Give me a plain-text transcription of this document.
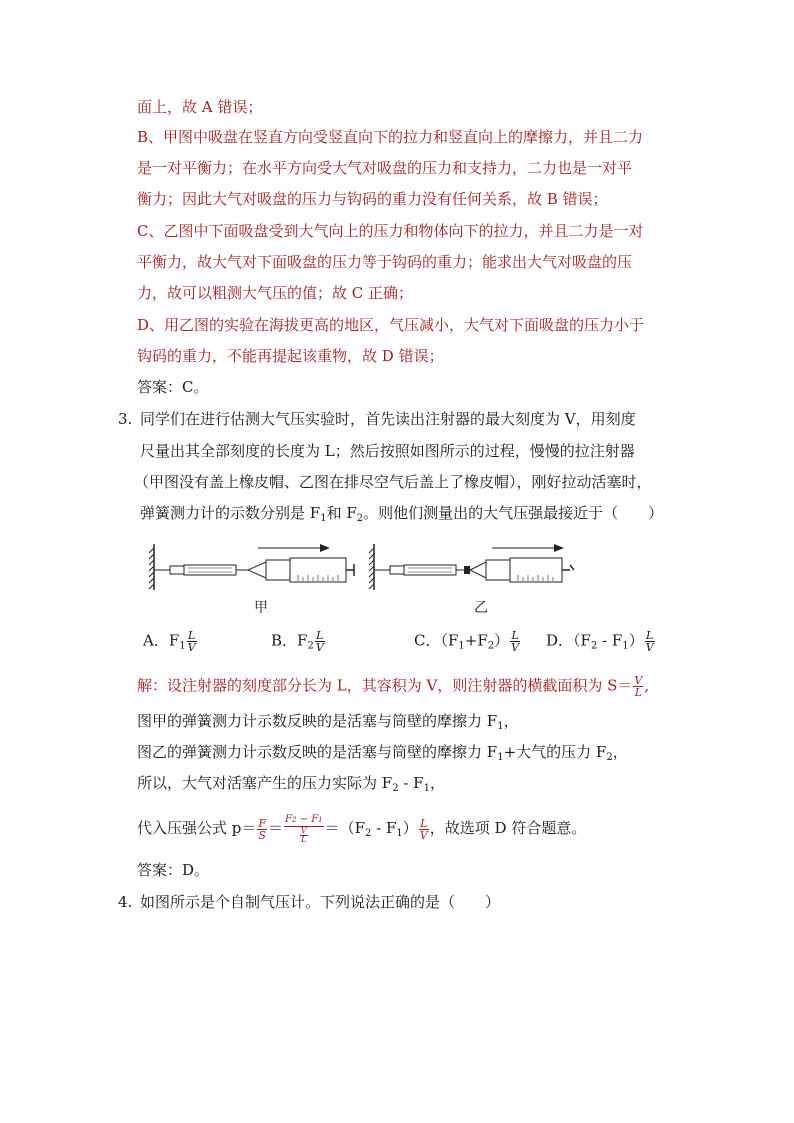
面上，故 A 错误；
B、甲图中吸盘在竖直方向受竖直向下的拉力和竖直向上的摩擦力，并且二力
是一对平衡力；在水平方向受大气对吸盘的压力和支持力，二力也是一对平
衡力；因此大气对吸盘的压力与钩码的重力没有任何关系，故 B 错误；
C、乙图中下面吸盘受到大气向上的压力和物体向下的拉力，并且二力是一对
平衡力，故大气对下面吸盘的压力等于钩码的重力；能求出大气对吸盘的压
力，故可以粗测大气压的值；故 C 正确；
D、用乙图的实验在海拔更高的地区，气压减小，大气对下面吸盘的压力小于
钩码的重力，不能再提起该重物，故 D 错误；
答案：C。
3. 同学们在进行估测大气压实验时，首先读出注射器的最大刻度为 V，用刻度
尺量出其全部刻度的长度为 L；然后按照如图所示的过程，慢慢的拉注射器
（甲图没有盖上橡皮帽、乙图在排尽空气后盖上了橡皮帽），刚好拉动活塞时，
弹簧测力计的示数分别是 $F_1$和 $F_2$。则他们测量出的大气压强最接近于（　　）
甲	乙
A．$F_1 \frac{L}{V}$	B．$F_2 \frac{L}{V}$	C．$(F_1+F_2) \frac{L}{V}$ D．$(F_2 - F_1) \frac{L}{V}$
解：设注射器的刻度部分长为 L，其容积为 V，则注射器的横截面积为 $S= \frac{V}{L}$ ,
图甲的弹簧测力计示数反映的是活塞与筒壁的摩擦力 $F_1$，
图乙的弹簧测力计示数反映的是活塞与筒壁的摩擦力 $F_1+$大气的压力 $F_2$，
所以，大气对活塞产生的压力实际为 $F_2 - F_1$，
代入压强公式 $p= \frac{F}{S} = \frac{F2 - F1}{\frac{V}{L}} =(F_2 - F_1) \frac{L}{V}$ ，故选项 D 符合题意。
答案：D。
4. 如图所示是个自制气压计。下列说法正确的是（　　）
